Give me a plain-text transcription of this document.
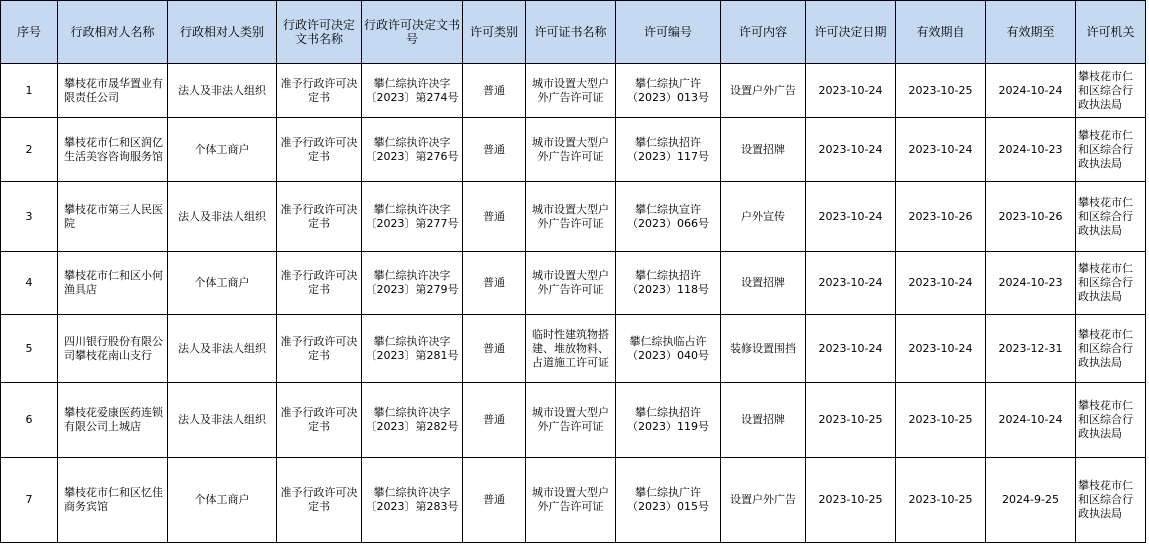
序号	行政相对人名称	行政相对人类别	行政许可决定文书名称	行政许可决定文书号	许可类别	许可证书名称	许可编号	许可内容	许可决定日期	有效期自	有效期至	许可机关
1	攀枝花市晟华置业有限责任公司	法人及非法人组织	准予行政许可决定书	攀仁综执许决字〔2023〕第274号	普通	城市设置大型户外广告许可证	攀仁综执广许（2023）013号	设置户外广告	2023-10-24	2023-10-25	2024-10-24	攀枝花市仁和区综合行政执法局
2	攀枝花市仁和区润亿生活美容咨询服务馆	个体工商户	准予行政许可决定书	攀仁综执许决字〔2023〕第276号	普通	城市设置大型户外广告许可证	攀仁综执招许（2023）117号	设置招牌	2023-10-24	2023-10-24	2024-10-23	攀枝花市仁和区综合行政执法局
3	攀枝花市第三人民医院	法人及非法人组织	准予行政许可决定书	攀仁综执许决字〔2023〕第277号	普通	城市设置大型户外广告许可证	攀仁综执宣许（2023）066号	户外宣传	2023-10-24	2023-10-26	2023-10-26	攀枝花市仁和区综合行政执法局
4	攀枝花市仁和区小何渔具店	个体工商户	准予行政许可决定书	攀仁综执许决字〔2023〕第279号	普通	城市设置大型户外广告许可证	攀仁综执招许（2023）118号	设置招牌	2023-10-24	2023-10-24	2024-10-23	攀枝花市仁和区综合行政执法局
5	四川银行股份有限公司攀枝花南山支行	法人及非法人组织	准予行政许可决定书	攀仁综执许决字〔2023〕第281号	普通	临时性建筑物搭建、堆放物料、占道施工许可证	攀仁综执临占许（2023）040号	装修设置围挡	2023-10-24	2023-10-24	2023-12-31	攀枝花市仁和区综合行政执法局
6	攀枝花爱康医药连锁有限公司上城店	法人及非法人组织	准予行政许可决定书	攀仁综执许决字〔2023〕第282号	普通	城市设置大型户外广告许可证	攀仁综执招许（2023）119号	设置招牌	2023-10-25	2023-10-25	2024-10-24	攀枝花市仁和区综合行政执法局
7	攀枝花市仁和区忆佳商务宾馆	个体工商户	准予行政许可决定书	攀仁综执许决字〔2023〕第283号	普通	城市设置大型户外广告许可证	攀仁综执广许（2023）015号	设置户外广告	2023-10-25	2023-10-25	2024-9-25	攀枝花市仁和区综合行政执法局
